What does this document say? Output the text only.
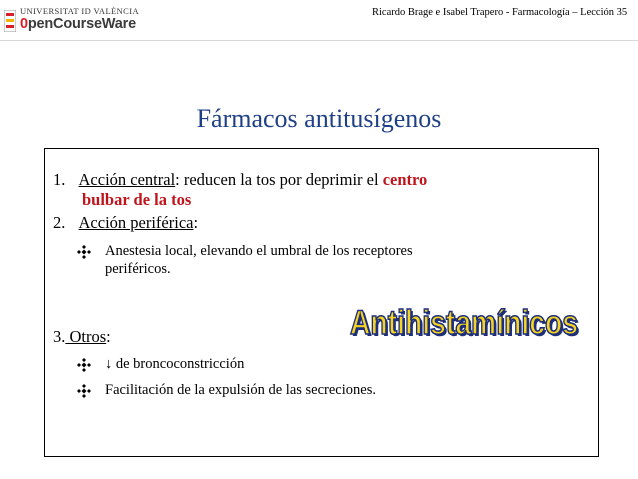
UNIVERSITAT ID VALÈNCIA
0penCourseWare
Ricardo Brage e Isabel Trapero - Farmacología – Lección 35
Fármacos antitusígenos
1. Acción central: reducen la tos por deprimir el centro
bulbar de la tos
2. Acción periférica:
Anestesia local, elevando el umbral de los receptores
periféricos.
Antihistamínicos
Antihistamínicos
3. Otros:
↓ de broncoconstricción
Facilitación de la expulsión de las secreciones.
